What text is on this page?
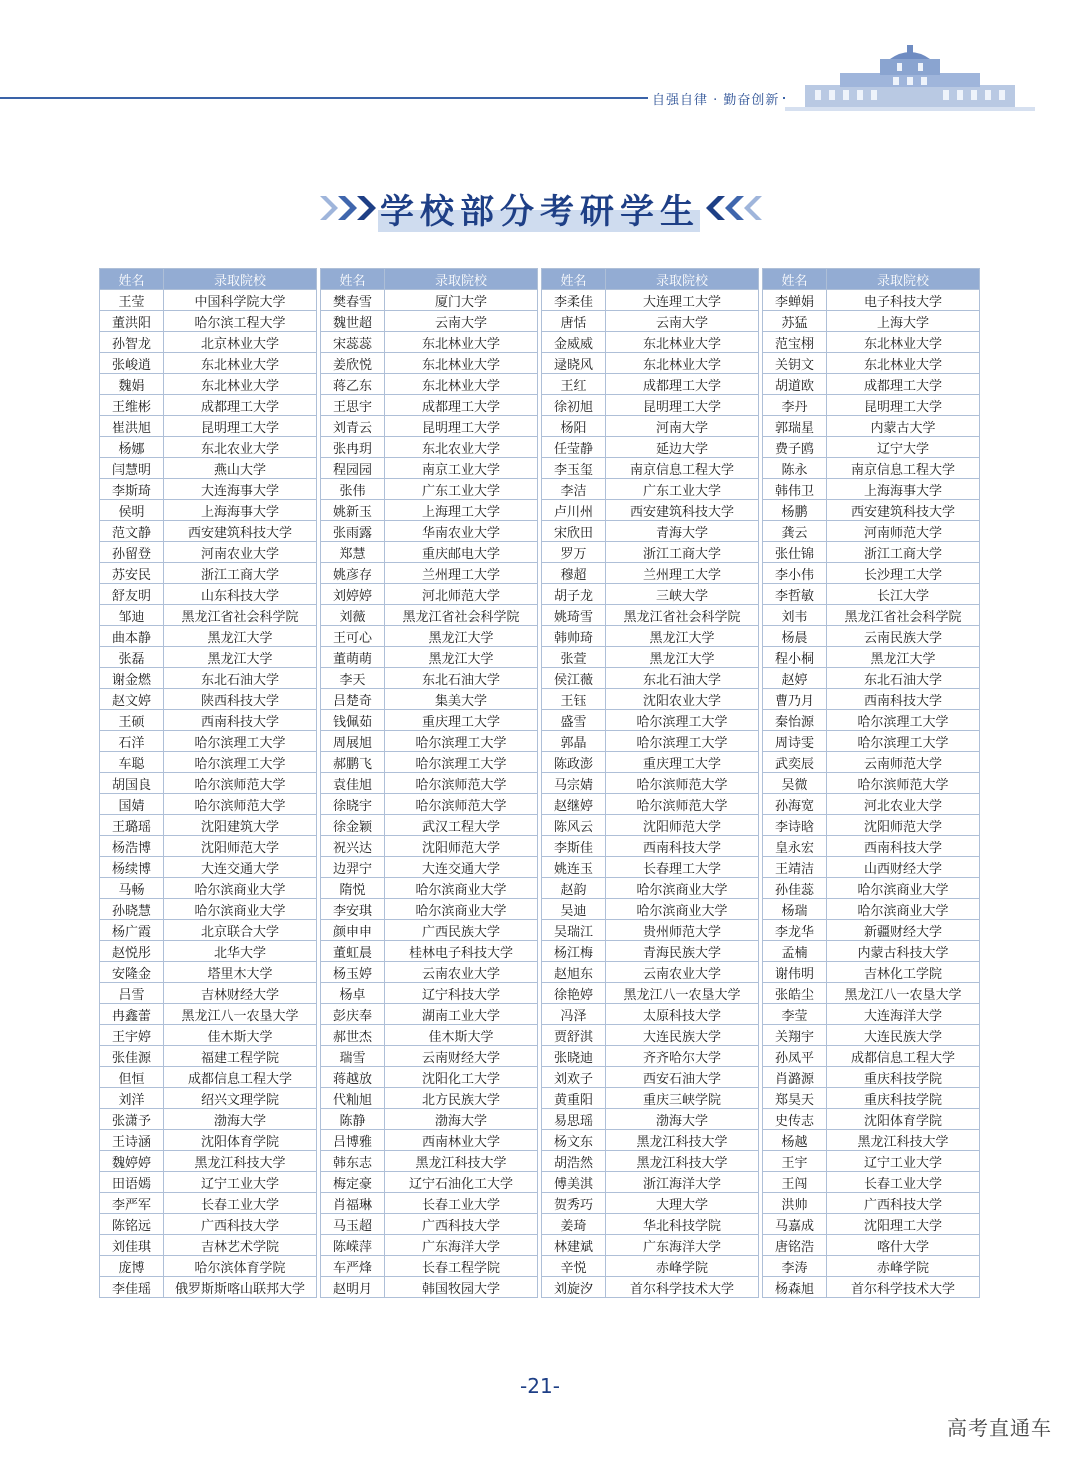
自强自律 · 勤奋创新
学校部分考研学生
姓名	录取院校
王莹	中国科学院大学
董洪阳	哈尔滨工程大学
孙智龙	北京林业大学
张峻逍	东北林业大学
魏娟	东北林业大学
王维彬	成都理工大学
崔洪旭	昆明理工大学
杨娜	东北农业大学
闫慧明	燕山大学
李斯琦	大连海事大学
侯明	上海海事大学
范文静	西安建筑科技大学
孙留登	河南农业大学
苏安民	浙江工商大学
舒友明	山东科技大学
邹迪	黑龙江省社会科学院
曲本静	黑龙江大学
张磊	黑龙江大学
谢金燃	东北石油大学
赵文婷	陕西科技大学
王硕	西南科技大学
石洋	哈尔滨理工大学
车聪	哈尔滨理工大学
胡国良	哈尔滨师范大学
国婧	哈尔滨师范大学
王璐瑶	沈阳建筑大学
杨浩博	沈阳师范大学
杨续博	大连交通大学
马畅	哈尔滨商业大学
孙晓慧	哈尔滨商业大学
杨广霞	北京联合大学
赵悦彤	北华大学
安隆金	塔里木大学
吕雪	吉林财经大学
冉鑫蕾	黑龙江八一农垦大学
王宇婷	佳木斯大学
张佳源	福建工程学院
但恒	成都信息工程大学
刘洋	绍兴文理学院
张潇予	渤海大学
王诗涵	沈阳体育学院
魏婷婷	黑龙江科技大学
田语嫣	辽宁工业大学
李严军	长春工业大学
陈铭远	广西科技大学
刘佳琪	吉林艺术学院
庞博	哈尔滨体育学院
李佳瑶	俄罗斯斯喀山联邦大学
姓名	录取院校
樊春雪	厦门大学
魏世超	云南大学
宋蕊蕊	东北林业大学
姜欣悦	东北林业大学
蒋乙东	东北林业大学
王思宇	成都理工大学
刘青云	昆明理工大学
张冉玥	东北农业大学
程园园	南京工业大学
张伟	广东工业大学
姚新玉	上海理工大学
张雨露	华南农业大学
郑慧	重庆邮电大学
姚彦存	兰州理工大学
刘婷婷	河北师范大学
刘薇	黑龙江省社会科学院
王可心	黑龙江大学
董萌萌	黑龙江大学
李天	东北石油大学
吕楚奇	集美大学
钱佩茹	重庆理工大学
周展旭	哈尔滨理工大学
郝鹏飞	哈尔滨理工大学
袁佳旭	哈尔滨师范大学
徐晓宇	哈尔滨师范大学
徐金颖	武汉工程大学
祝兴达	沈阳师范大学
边羿宁	大连交通大学
隋悦	哈尔滨商业大学
李安琪	哈尔滨商业大学
颜申申	广西民族大学
董虹晨	桂林电子科技大学
杨玉婷	云南农业大学
杨卓	辽宁科技大学
彭庆奉	湖南工业大学
郝世杰	佳木斯大学
瑞雪	云南财经大学
蒋越放	沈阳化工大学
代籼旭	北方民族大学
陈静	渤海大学
吕博雅	西南林业大学
韩东志	黑龙江科技大学
梅定豪	辽宁石油化工大学
肖福琳	长春工业大学
马玉超	广西科技大学
陈嵘萍	广东海洋大学
车严烽	长春工程学院
赵明月	韩国牧园大学
姓名	录取院校
李柔佳	大连理工大学
唐恬	云南大学
金威威	东北林业大学
逯晓风	东北林业大学
王红	成都理工大学
徐初旭	昆明理工大学
杨阳	河南大学
任莹静	延边大学
李玉玺	南京信息工程大学
李洁	广东工业大学
卢川州	西安建筑科技大学
宋欣田	青海大学
罗万	浙江工商大学
穆超	兰州理工大学
胡子龙	三峡大学
姚琦雪	黑龙江省社会科学院
韩帅琦	黑龙江大学
张萱	黑龙江大学
侯江薇	东北石油大学
王钰	沈阳农业大学
盛雪	哈尔滨理工大学
郭晶	哈尔滨理工大学
陈政澎	重庆理工大学
马宗婧	哈尔滨师范大学
赵继婷	哈尔滨师范大学
陈风云	沈阳师范大学
李斯佳	西南科技大学
姚连玉	长春理工大学
赵韵	哈尔滨商业大学
吴迪	哈尔滨商业大学
吴瑞江	贵州师范大学
杨江梅	青海民族大学
赵旭东	云南农业大学
徐艳婷	黑龙江八一农垦大学
冯泽	太原科技大学
贾舒淇	大连民族大学
张晓迪	齐齐哈尔大学
刘欢子	西安石油大学
黄重阳	重庆三峡学院
易思瑶	渤海大学
杨文东	黑龙江科技大学
胡浩然	黑龙江科技大学
傅美淇	浙江海洋大学
贺秀巧	大理大学
姜琦	华北科技学院
林建斌	广东海洋大学
辛悦	赤峰学院
刘旋汐	首尔科学技术大学
姓名	录取院校
李蝉娟	电子科技大学
苏猛	上海大学
范宝栩	东北林业大学
关钥文	东北林业大学
胡道欧	成都理工大学
李丹	昆明理工大学
郭瑞星	内蒙古大学
费子鸥	辽宁大学
陈永	南京信息工程大学
韩伟卫	上海海事大学
杨鹏	西安建筑科技大学
龚云	河南师范大学
张仕锦	浙江工商大学
李小伟	长沙理工大学
李哲敏	长江大学
刘韦	黑龙江省社会科学院
杨晨	云南民族大学
程小桐	黑龙江大学
赵婷	东北石油大学
曹乃月	西南科技大学
秦怡源	哈尔滨理工大学
周诗雯	哈尔滨理工大学
武奕辰	云南师范大学
吴微	哈尔滨师范大学
孙海宽	河北农业大学
李诗晗	沈阳师范大学
皇永宏	西南科技大学
王靖洁	山西财经大学
孙佳蕊	哈尔滨商业大学
杨瑞	哈尔滨商业大学
李龙华	新疆财经大学
孟楠	内蒙古科技大学
谢伟明	吉林化工学院
张皓尘	黑龙江八一农垦大学
李莹	大连海洋大学
关翔宇	大连民族大学
孙凤平	成都信息工程大学
肖潞源	重庆科技学院
郑昊天	重庆科技学院
史传志	沈阳体育学院
杨越	黑龙江科技大学
王宇	辽宁工业大学
王闯	长春工业大学
洪帅	广西科技大学
马嘉成	沈阳理工大学
唐铭浩	喀什大学
李涛	赤峰学院
杨森旭	首尔科学技术大学
-21-
高考直通车
